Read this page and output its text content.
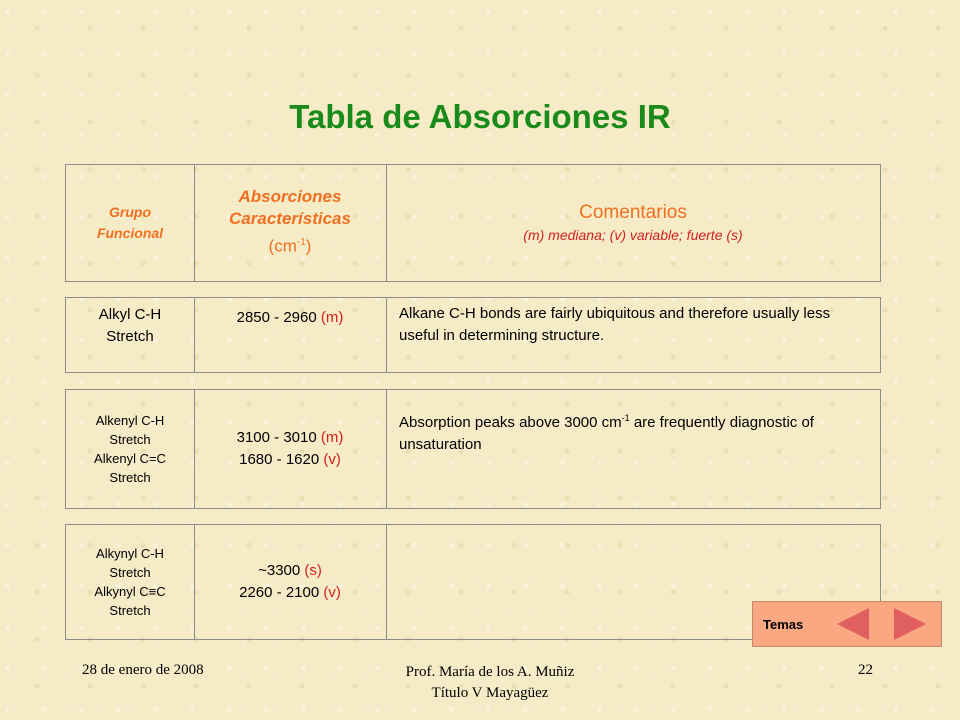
Tabla de Absorciones IR
Grupo
Funcional
Absorciones
Características
$(cm^{-1})$
Comentarios
(m) mediana; (v) variable; fuerte (s)
Alkyl C-H
Stretch
2850 - 2960 (m)	Alkane C-H bonds are fairly ubiquitous and therefore usually less useful in determining structure.
Alkenyl C-H
Stretch
Alkenyl C=C
Stretch
3100 - 3010 (m)
1680 - 1620 (v)
Absorption peaks above 3000 $cm^{-1}$ are frequently diagnostic of unsaturation
Alkynyl C-H
Stretch
Alkynyl C≡C
Stretch
~3300 (s)
2260 - 2100 (v)
Temas
28 de enero de 2008	Prof. María de los A. Muñiz
Título V Mayagüez
22
